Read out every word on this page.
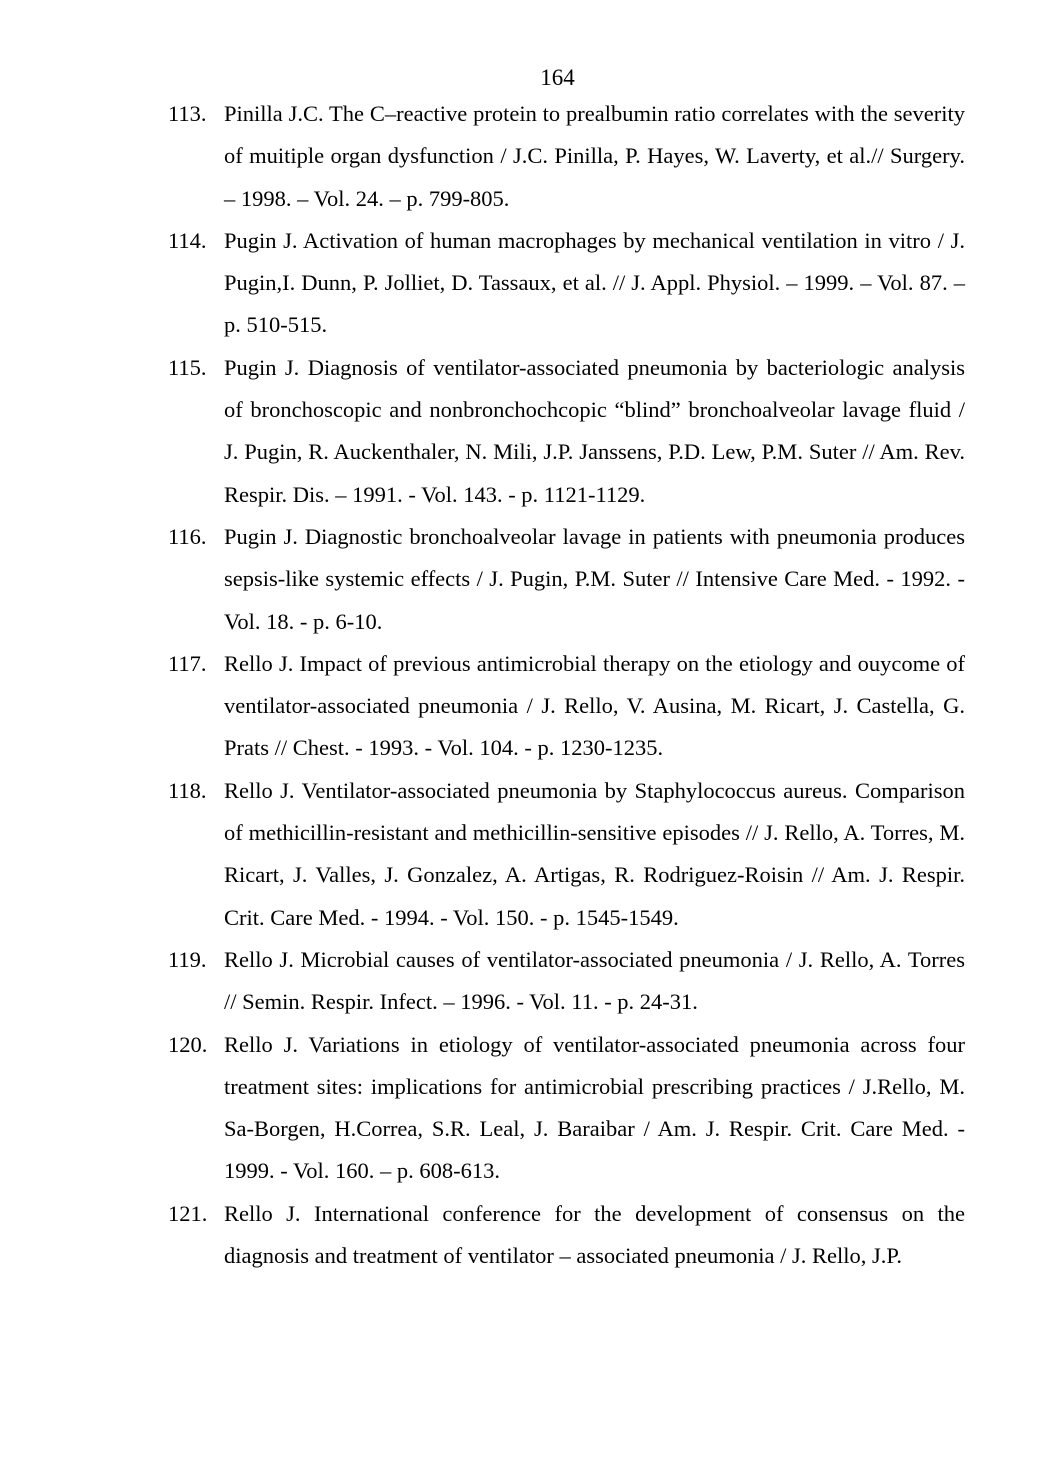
164
113. Pinilla J.C. The C–reactive protein to prealbumin ratio correlates with the severity of muitiple organ dysfunction / J.C. Pinilla, P. Hayes, W. Laverty, et al.// Surgery. – 1998. – Vol. 24. – p. 799-805.
114. Pugin J. Activation of human macrophages by mechanical ventilation in vitro / J. Pugin,I. Dunn, P. Jolliet, D. Tassaux, et al. // J. Appl. Physiol. – 1999. – Vol. 87. – p. 510-515.
115. Pugin J. Diagnosis of ventilator-associated pneumonia by bacteriologic analysis of bronchoscopic and nonbronchochcopic “blind” bronchoalveolar lavage fluid / J. Pugin, R. Auckenthaler, N. Mili, J.P. Janssens, P.D. Lew, P.M. Suter // Am. Rev. Respir. Dis. – 1991. - Vol. 143. - p. 1121-1129.
116. Pugin J. Diagnostic bronchoalveolar lavage in patients with pneumonia produces sepsis-like systemic effects / J. Pugin, P.M. Suter // Intensive Care Med. - 1992. - Vol. 18. - p. 6-10.
117. Rello J. Impact of previous antimicrobial therapy on the etiology and ouycome of ventilator-associated pneumonia / J. Rello, V. Ausina, M. Ricart, J. Castella, G. Prats // Chest. - 1993. - Vol. 104. - p. 1230-1235.
118. Rello J. Ventilator-associated pneumonia by Staphylococcus aureus. Comparison of methicillin-resistant and methicillin-sensitive episodes // J. Rello, A. Torres, M. Ricart, J. Valles, J. Gonzalez, A. Artigas, R. Rodriguez-Roisin // Am. J. Respir. Crit. Care Med. - 1994. - Vol. 150. - p. 1545-1549.
119. Rello J. Microbial causes of ventilator-associated pneumonia / J. Rello, A. Torres // Semin. Respir. Infect. – 1996. - Vol. 11. - p. 24-31.
120. Rello J. Variations in etiology of ventilator-associated pneumonia across four treatment sites: implications for antimicrobial prescribing practices / J.Rello, M. Sa-Borgen, H.Correa, S.R. Leal, J. Baraibar / Am. J. Respir. Crit. Care Med. - 1999. - Vol. 160. – p. 608-613.
121. Rello J. International conference for the development of consensus on the diagnosis and treatment of ventilator – associated pneumonia / J. Rello, J.P.
